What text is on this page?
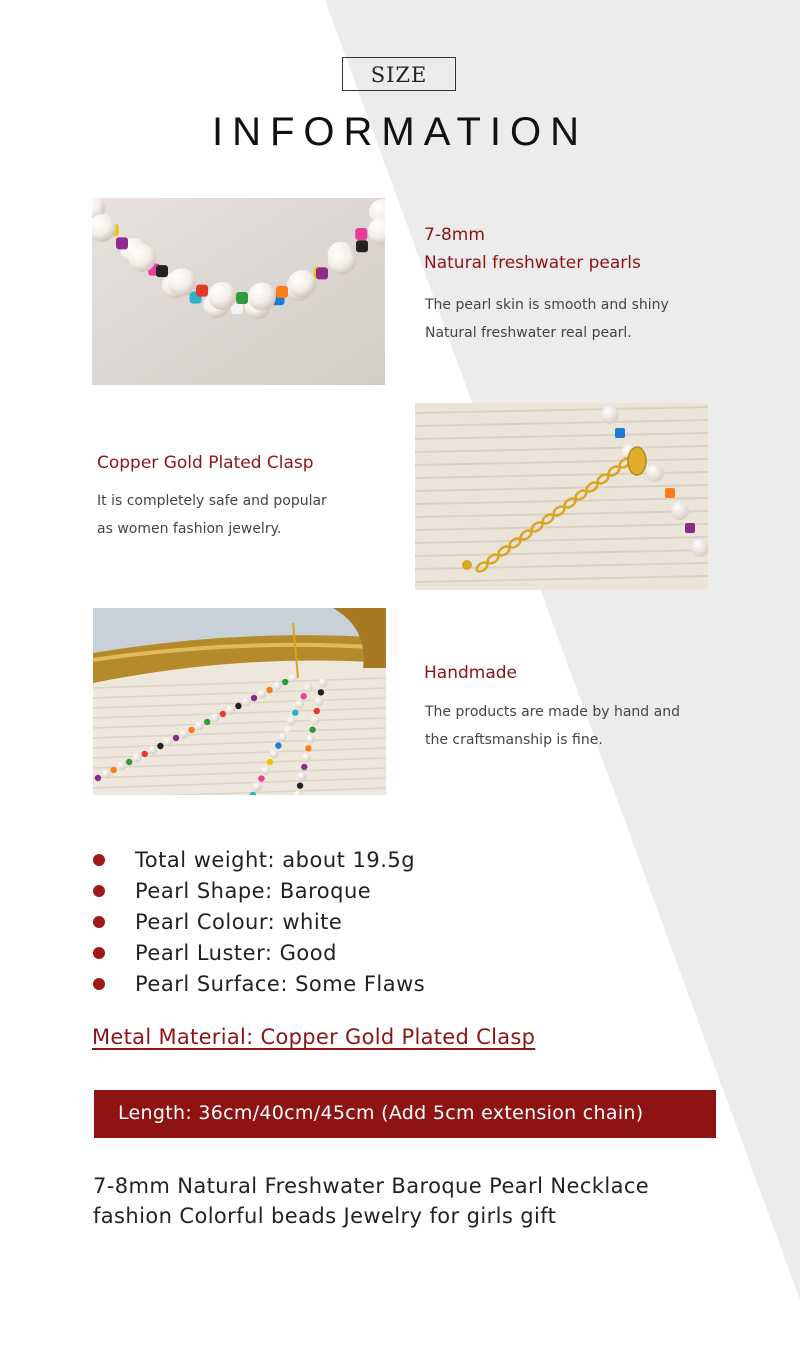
SIZE
INFORMATION
7-8mm
Natural freshwater pearls
The pearl skin is smooth and shiny
Natural freshwater real pearl.
Copper Gold Plated Clasp
It is completely safe and popular
as women fashion jewelry.
Handmade
The products are made by hand and
the craftsmanship is fine.
Total weight: about 19.5g
Pearl Shape: Baroque
Pearl Colour: white
Pearl Luster: Good
Pearl Surface: Some Flaws
Metal Material: Copper Gold Plated Clasp
Length: 36cm/40cm/45cm (Add 5cm extension chain)
7-8mm Natural Freshwater Baroque Pearl Necklace
fashion Colorful beads Jewelry for girls gift
